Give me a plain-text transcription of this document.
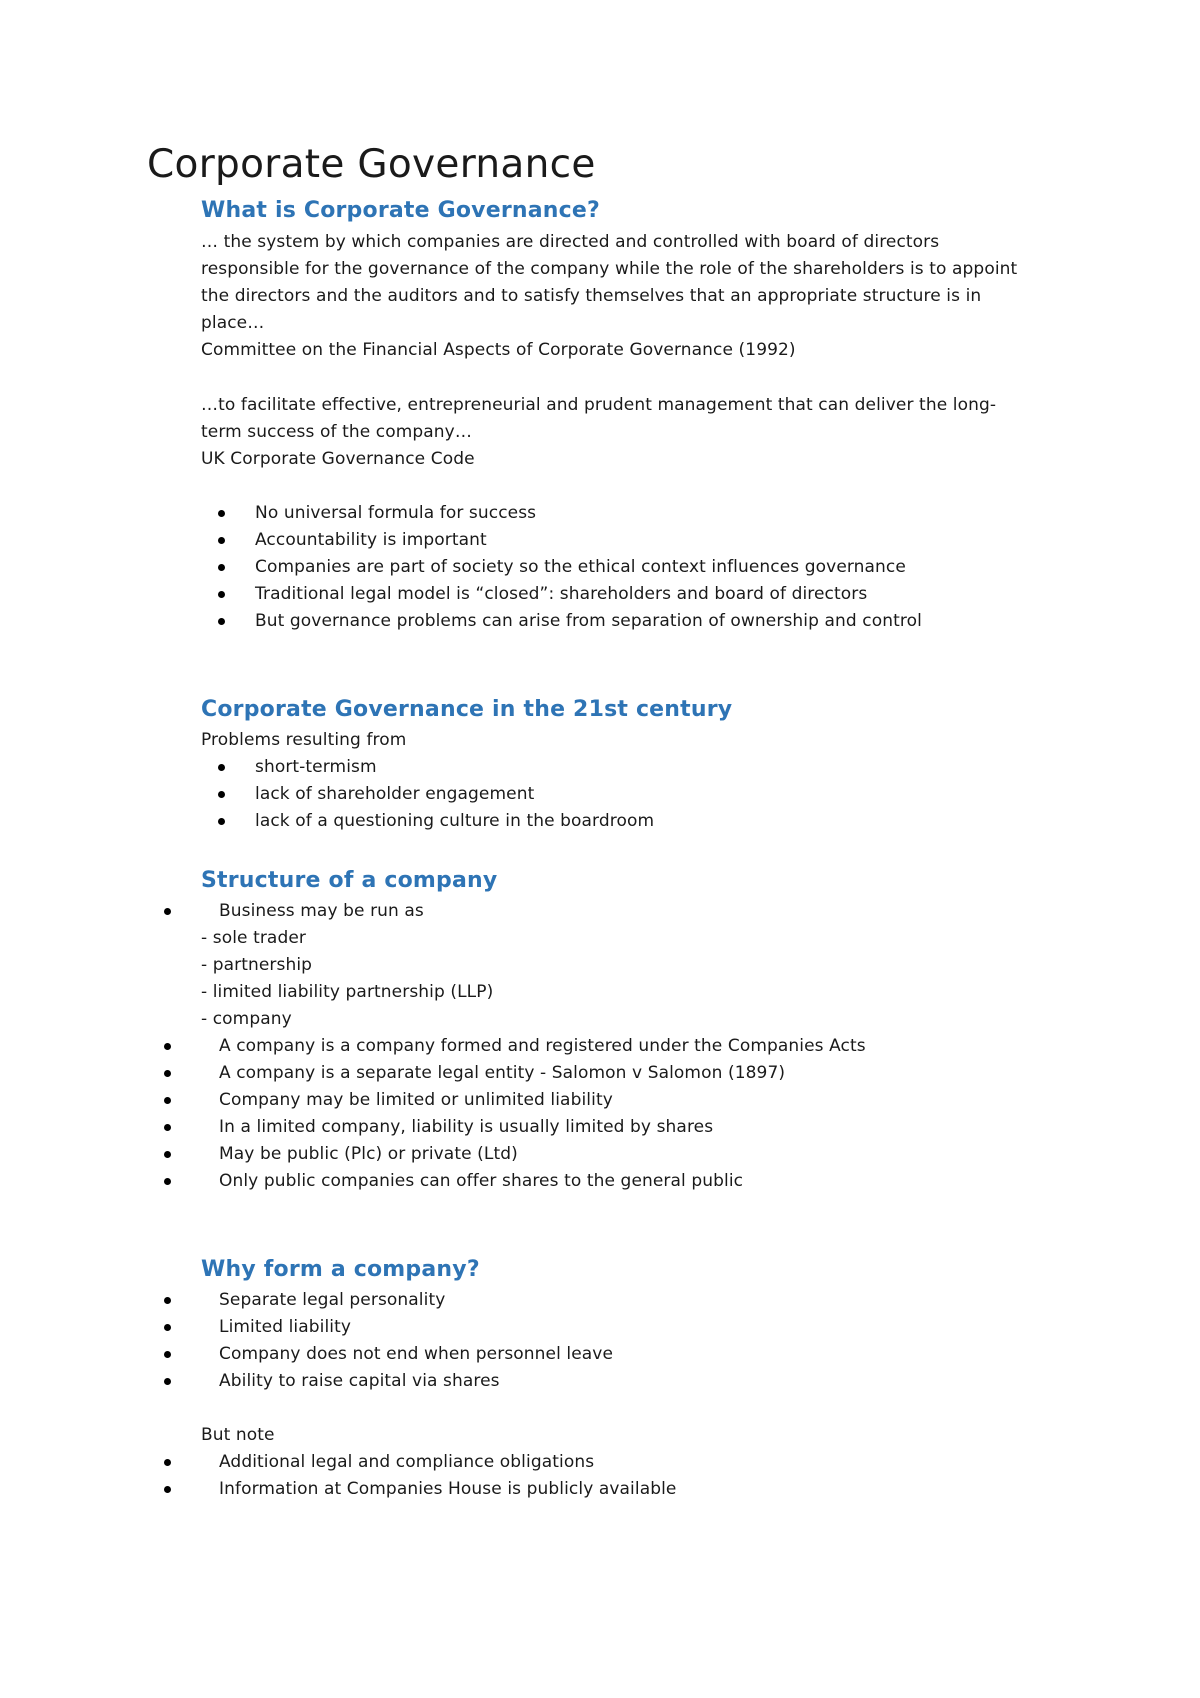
Corporate Governance
What is Corporate Governance?
… the system by which companies are directed and controlled with board of directors
responsible for the governance of the company while the role of the shareholders is to appoint
the directors and the auditors and to satisfy themselves that an appropriate structure is in
place…
Committee on the Financial Aspects of Corporate Governance (1992)
…to facilitate effective, entrepreneurial and prudent management that can deliver the long-
term success of the company…
UK Corporate Governance Code
No universal formula for success
Accountability is important
Companies are part of society so the ethical context influences governance
Traditional legal model is “closed”: shareholders and board of directors
But governance problems can arise from separation of ownership and control
Corporate Governance in the 21st century
Problems resulting from
short-termism
lack of shareholder engagement
lack of a questioning culture in the boardroom
Structure of a company
Business may be run as
- sole trader
- partnership
- limited liability partnership (LLP)
- company
A company is a company formed and registered under the Companies Acts
A company is a separate legal entity - Salomon v Salomon (1897)
Company may be limited or unlimited liability
In a limited company, liability is usually limited by shares
May be public (Plc) or private (Ltd)
Only public companies can offer shares to the general public
Why form a company?
Separate legal personality
Limited liability
Company does not end when personnel leave
Ability to raise capital via shares
But note
Additional legal and compliance obligations
Information at Companies House is publicly available
